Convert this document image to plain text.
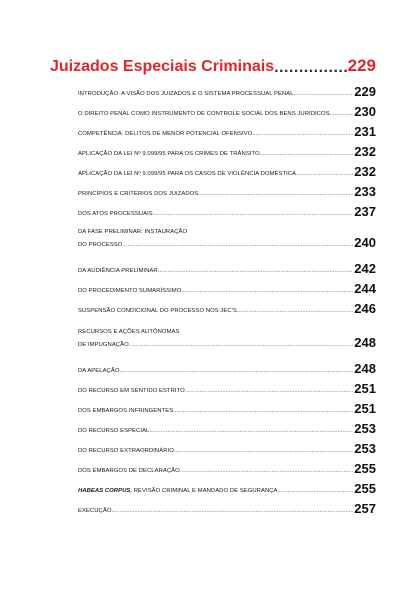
Juizados Especiais Criminais .....	229
INTRODUÇÃO: A VISÃO DOS JUIZADOS E O SISTEMA PROCESSUAL PENAL .....	229
O DIREITO PENAL COMO INSTRUMENTO DE CONTROLE SOCIAL DOS BENS JURÍDICOS ..... 230
COMPETÊNCIA: DELITOS DE MENOR POTENCIAL OFENSIVO .....	231
APLICAÇÃO DA LEI Nº 9.099/95 PARA OS CRIMES DE TRÂNSITO .....	232
APLICAÇÃO DA LEI Nº 9.099/95 PARA OS CASOS DE VIOLÊNCIA DOMÉSTICA .....	232
PRINCÍPIOS E CRITÉRIOS DOS JUIZADOS .....	233
DOS ATOS PROCESSUAIS .....	237
DA FASE PRELIMINAR: INSTAURAÇÃO
DO PROCESSO .....	240
DA AUDIÊNCIA PRELIMINAR .....	242
DO PROCEDIMENTO SUMARÍSSIMO .....	244
SUSPENSÃO CONDICIONAL DO PROCESSO NOS JEC'S. .....	246
RECURSOS E AÇÕES AUTÔNOMAS
DE IMPUGNAÇÃO .....	248
DA APELAÇÃO .....	248
DO RECURSO EM SENTIDO ESTRITO .....	251
DOS EMBARGOS INFRINGENTES .....	251
DO RECURSO ESPECIAL .....	253
DO RECURSO EXTRAORDINÁRIO .....	253
DOS EMBARGOS DE DECLARAÇÃO .....	255
HABEAS CORPUS, REVISÃO CRIMINAL E MANDADO DE SEGURANÇA .....	255
EXECUÇÃO .....	257
